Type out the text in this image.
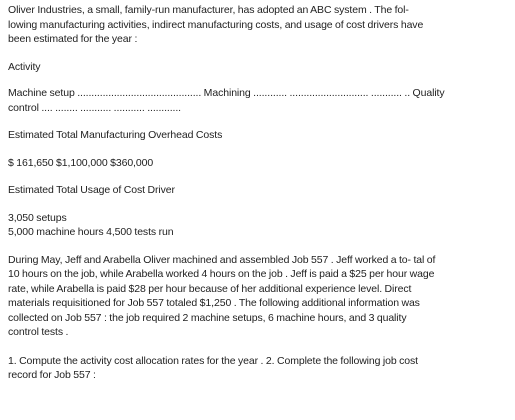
Oliver Industries, a small, family-run manufacturer, has adopted an ABC system . The fol-

lowing manufacturing activities, indirect manufacturing costs, and usage of cost drivers have

been estimated for the year :

Activity

Machine setup ............................................ Machining ............ ............................ ........... .. Quality

control .... ........ ........... ........... ............

Estimated Total Manufacturing Overhead Costs

$ 161,650 $1,100,000 $360,000

Estimated Total Usage of Cost Driver

3,050 setups

5,000 machine hours 4,500 tests run

During May, Jeff and Arabella Oliver machined and assembled Job 557 . Jeff worked a to- tal of

10 hours on the job, while Arabella worked 4 hours on the job . Jeff is paid a $25 per hour wage

rate, while Arabella is paid $28 per hour because of her additional experience level. Direct

materials requisitioned for Job 557 totaled $1,250 . The following additional information was

collected on Job 557 : the job required 2 machine setups, 6 machine hours, and 3 quality

control tests .

1. Compute the activity cost allocation rates for the year . 2. Complete the following job cost

record for Job 557 :
